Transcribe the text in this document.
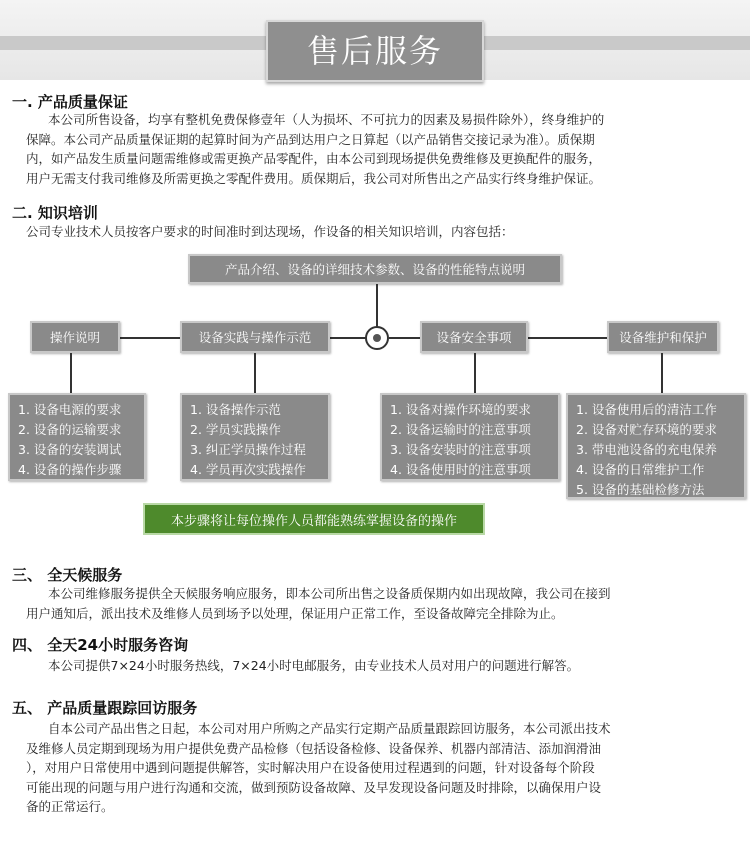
售后服务
一. 产品质量保证

本公司所售设备，均享有整机免费保修壹年（人为损坏、不可抗力的因素及易损件除外），终身维护的

保障。本公司产品质量保证期的起算时间为产品到达用户之日算起（以产品销售交接记录为准）。质保期

内，如产品发生质量问题需维修或需更换产品零配件，由本公司到现场提供免费维修及更换配件的服务，

用户无需支付我司维修及所需更换之零配件费用。质保期后，我公司对所售出之产品实行终身维护保证。

二. 知识培训

公司专业技术人员按客户要求的时间准时到达现场，作设备的相关知识培训，内容包括：

产品介绍、设备的详细技术参数、设备的性能特点说明
操作说明	设备实践与操作示范	设备安全事项	设备维护和保护
1. 设备电源的要求
2. 设备的运输要求
3. 设备的安装调试
4. 设备的操作步骤
1. 设备操作示范
2. 学员实践操作
3. 纠正学员操作过程
4. 学员再次实践操作
1. 设备对操作环境的要求
2. 设备运输时的注意事项
3. 设备安装时的注意事项
4. 设备使用时的注意事项
1. 设备使用后的清洁工作
2. 设备对贮存环境的要求
3. 带电池设备的充电保养
4. 设备的日常维护工作
5. 设备的基础检修方法
本步骤将让每位操作人员都能熟练掌握设备的操作
三、 全天候服务

本公司维修服务提供全天候服务响应服务，即本公司所出售之设备质保期内如出现故障，我公司在接到

用户通知后，派出技术及维修人员到场予以处理，保证用户正常工作，至设备故障完全排除为止。

四、 全天24小时服务咨询

本公司提供7×24小时服务热线，7×24小时电邮服务，由专业技术人员对用户的问题进行解答。

五、 产品质量跟踪回访服务

自本公司产品出售之日起，本公司对用户所购之产品实行定期产品质量跟踪回访服务，本公司派出技术

及维修人员定期到现场为用户提供免费产品检修（包括设备检修、设备保养、机器内部清洁、添加润滑油

），对用户日常使用中遇到问题提供解答，实时解决用户在设备使用过程遇到的问题，针对设备每个阶段

可能出现的问题与用户进行沟通和交流，做到预防设备故障、及早发现设备问题及时排除，以确保用户设

备的正常运行。
